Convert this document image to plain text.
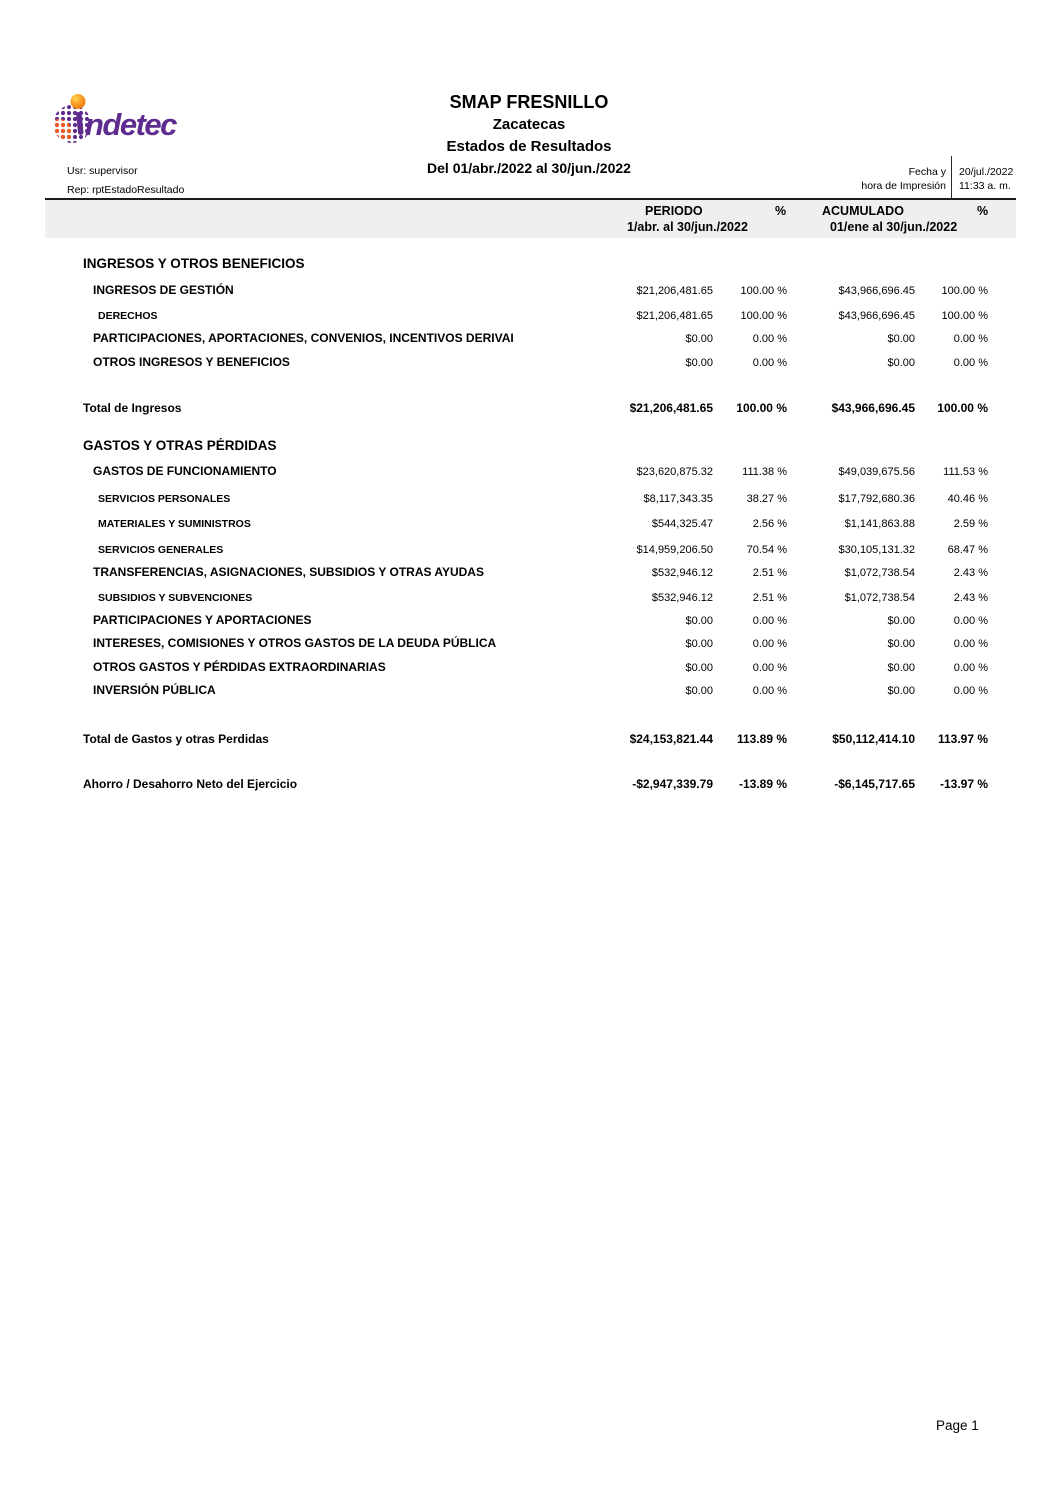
ndetec
SMAP FRESNILLO
Zacatecas
Estados de Resultados
Del 01/abr./2022 al 30/jun./2022
Usr: supervisor
Rep: rptEstadoResultado
Fecha y
hora de Impresión
20/jul./2022
11:33 a. m.
PERIODO	%	ACUMULADO	%
1/abr. al 30/jun./2022	01/ene al 30/jun./2022
INGRESOS Y OTROS BENEFICIOS
INGRESOS DE GESTIÓN	$21,206,481.65	100.00 %	$43,966,696.45	100.00 %
DERECHOS	$21,206,481.65	100.00 %	$43,966,696.45	100.00 %
PARTICIPACIONES, APORTACIONES, CONVENIOS, INCENTIVOS DERIVAI	$0.00	0.00 %	$0.00	0.00 %
OTROS INGRESOS Y BENEFICIOS	$0.00	0.00 %	$0.00	0.00 %
Total de Ingresos	$21,206,481.65	100.00 %	$43,966,696.45	100.00 %
GASTOS Y OTRAS PÉRDIDAS
GASTOS DE FUNCIONAMIENTO	$23,620,875.32	111.38 %	$49,039,675.56	111.53 %
SERVICIOS PERSONALES	$8,117,343.35	38.27 %	$17,792,680.36	40.46 %
MATERIALES Y SUMINISTROS	$544,325.47	2.56 %	$1,141,863.88	2.59 %
SERVICIOS GENERALES	$14,959,206.50	70.54 %	$30,105,131.32	68.47 %
TRANSFERENCIAS, ASIGNACIONES, SUBSIDIOS Y OTRAS AYUDAS	$532,946.12	2.51 %	$1,072,738.54	2.43 %
SUBSIDIOS Y SUBVENCIONES	$532,946.12	2.51 %	$1,072,738.54	2.43 %
PARTICIPACIONES Y APORTACIONES	$0.00	0.00 %	$0.00	0.00 %
INTERESES, COMISIONES Y OTROS GASTOS DE LA DEUDA PÚBLICA	$0.00	0.00 %	$0.00	0.00 %
OTROS GASTOS Y PÉRDIDAS EXTRAORDINARIAS	$0.00	0.00 %	$0.00	0.00 %
INVERSIÓN PÚBLICA	$0.00	0.00 %	$0.00	0.00 %
Total de Gastos y otras Perdidas	$24,153,821.44	113.89 %	$50,112,414.10	113.97 %
Ahorro / Desahorro Neto del Ejercicio	-$2,947,339.79	-13.89 %	-$6,145,717.65	-13.97 %
Page 1
